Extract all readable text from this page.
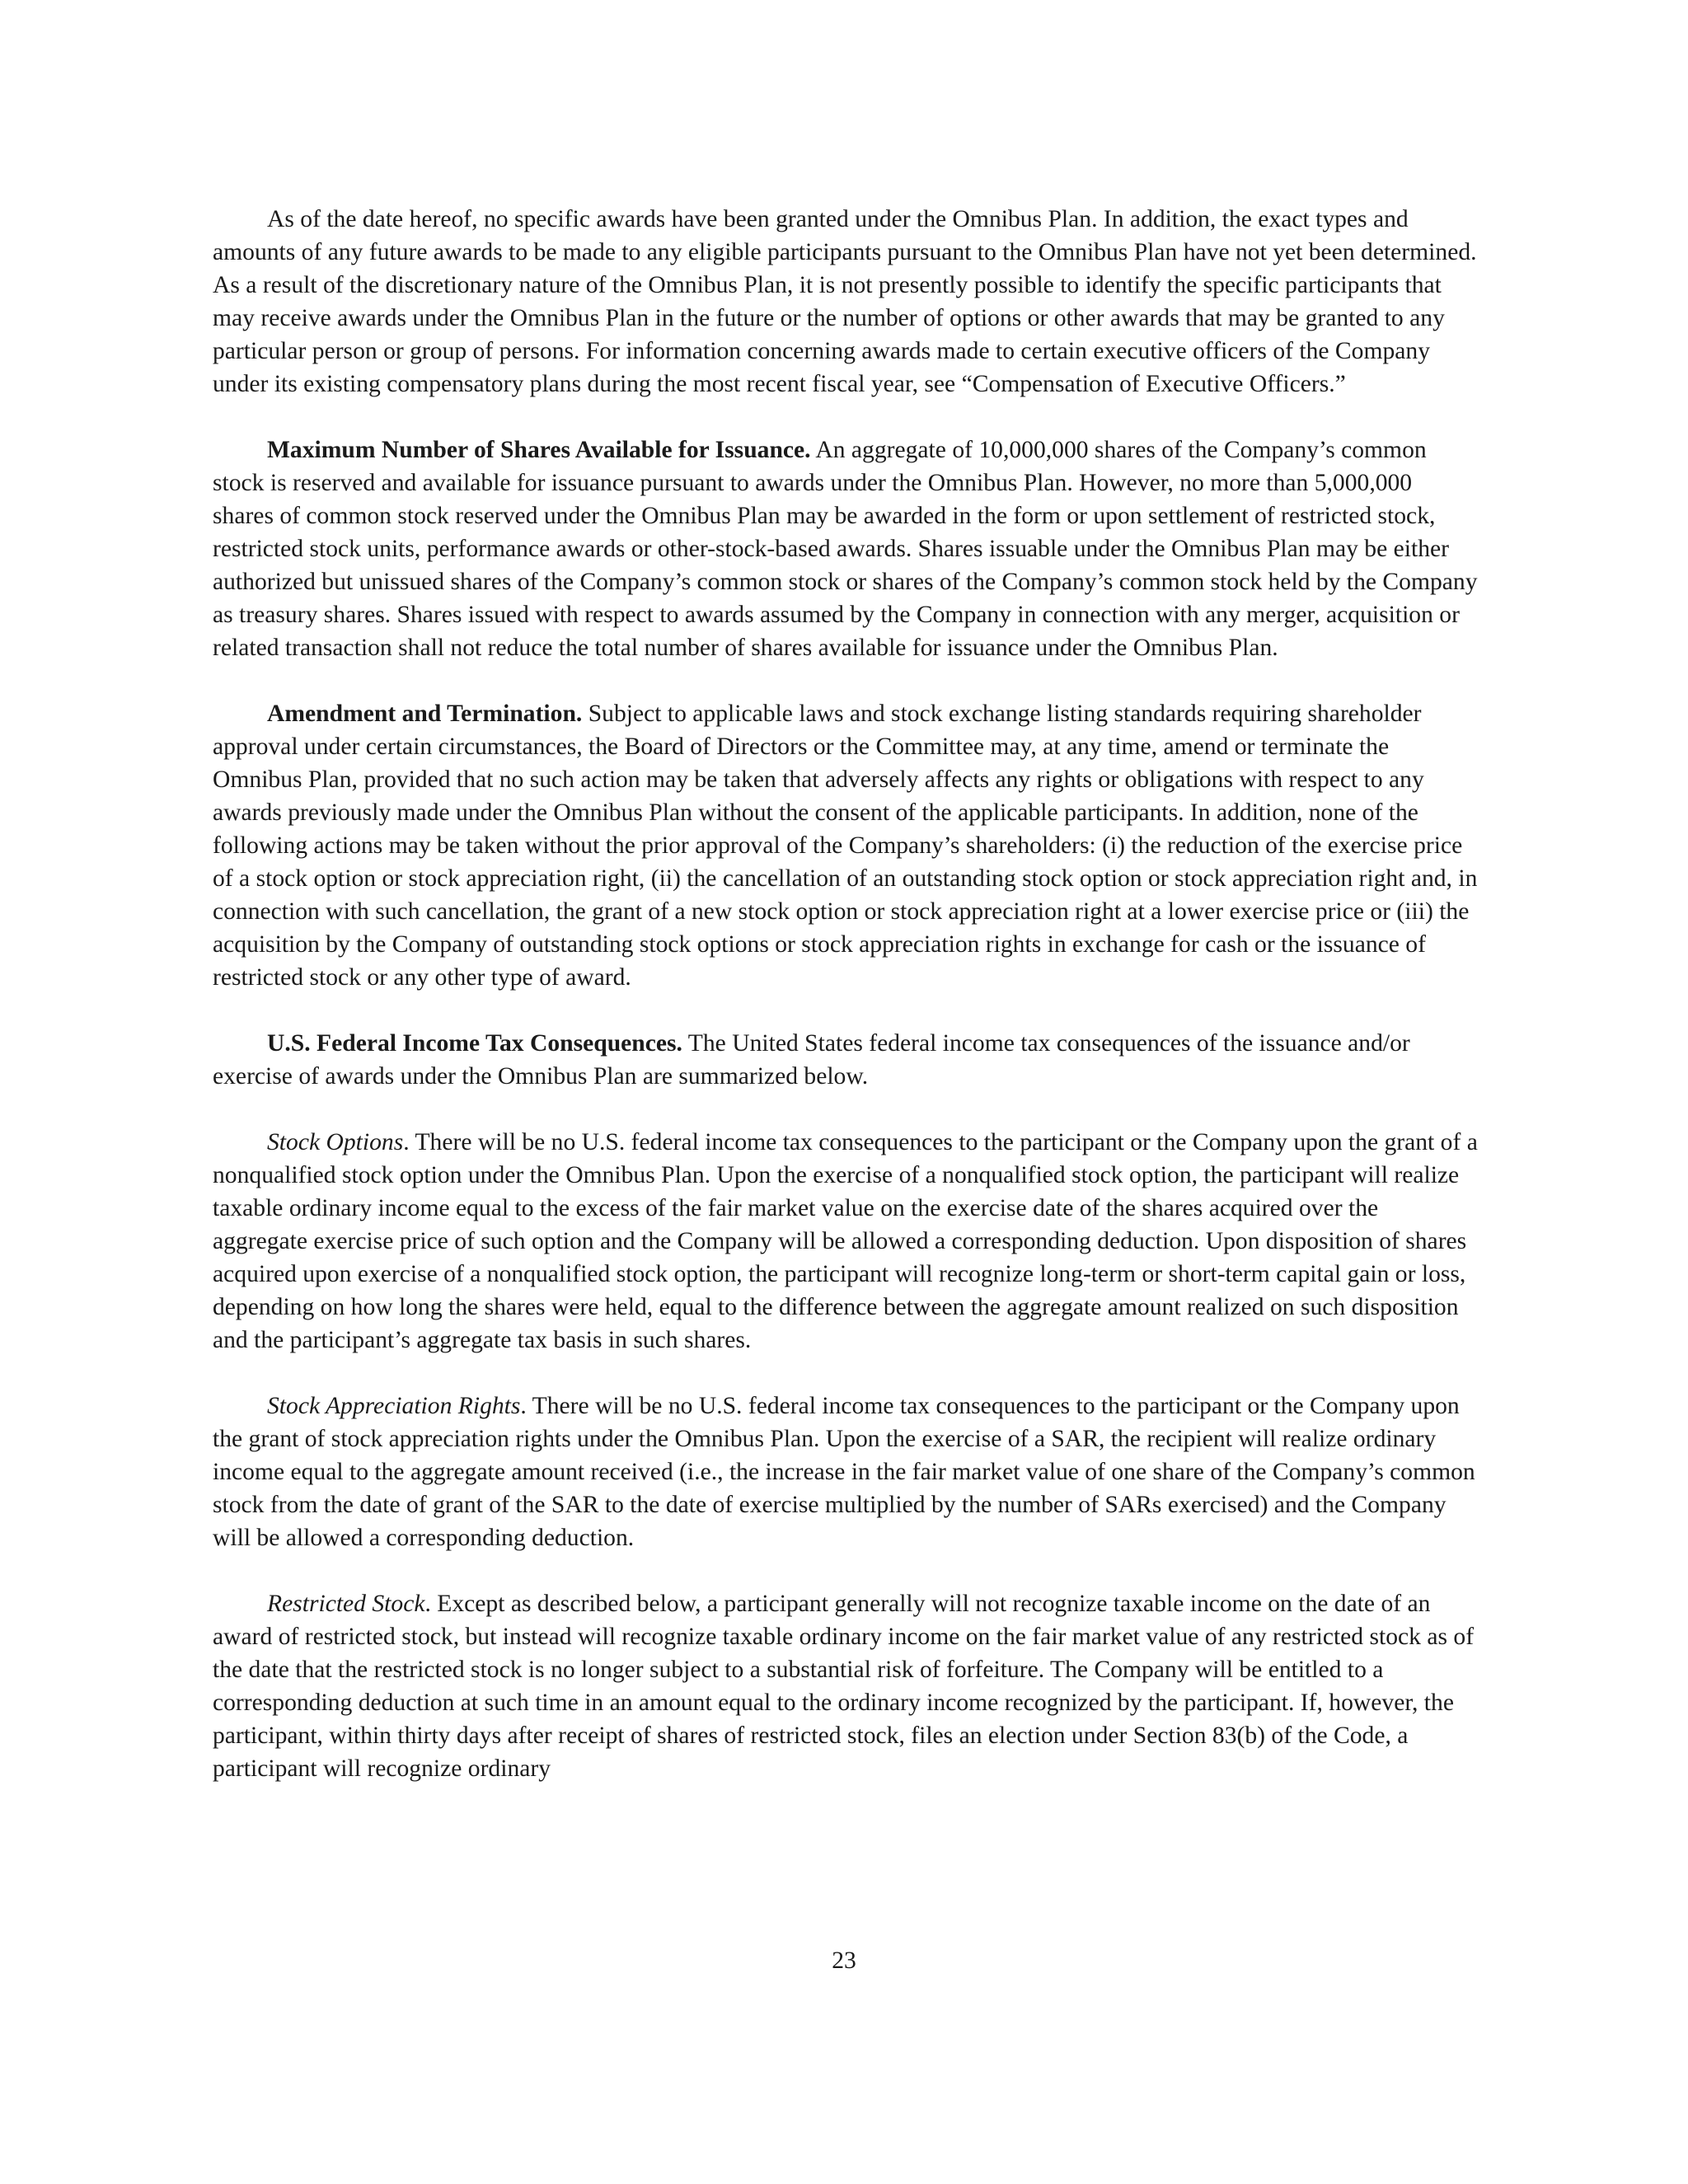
As of the date hereof, no specific awards have been granted under the Omnibus Plan. In addition, the exact types and amounts of any future awards to be made to any eligible participants pursuant to the Omnibus Plan have not yet been determined. As a result of the discretionary nature of the Omnibus Plan, it is not presently possible to identify the specific participants that may receive awards under the Omnibus Plan in the future or the number of options or other awards that may be granted to any particular person or group of persons. For information concerning awards made to certain executive officers of the Company under its existing compensatory plans during the most recent fiscal year, see “Compensation of Executive Officers.”

Maximum Number of Shares Available for Issuance. An aggregate of 10,000,000 shares of the Company’s common stock is reserved and available for issuance pursuant to awards under the Omnibus Plan. However, no more than 5,000,000 shares of common stock reserved under the Omnibus Plan may be awarded in the form or upon settlement of restricted stock, restricted stock units, performance awards or other-stock-based awards. Shares issuable under the Omnibus Plan may be either authorized but unissued shares of the Company’s common stock or shares of the Company’s common stock held by the Company as treasury shares. Shares issued with respect to awards assumed by the Company in connection with any merger, acquisition or related transaction shall not reduce the total number of shares available for issuance under the Omnibus Plan.

Amendment and Termination. Subject to applicable laws and stock exchange listing standards requiring shareholder approval under certain circumstances, the Board of Directors or the Committee may, at any time, amend or terminate the Omnibus Plan, provided that no such action may be taken that adversely affects any rights or obligations with respect to any awards previously made under the Omnibus Plan without the consent of the applicable participants. In addition, none of the following actions may be taken without the prior approval of the Company’s shareholders: (i) the reduction of the exercise price of a stock option or stock appreciation right, (ii) the cancellation of an outstanding stock option or stock appreciation right and, in connection with such cancellation, the grant of a new stock option or stock appreciation right at a lower exercise price or (iii) the acquisition by the Company of outstanding stock options or stock appreciation rights in exchange for cash or the issuance of restricted stock or any other type of award.

U.S. Federal Income Tax Consequences. The United States federal income tax consequences of the issuance and/or exercise of awards under the Omnibus Plan are summarized below.

Stock Options. There will be no U.S. federal income tax consequences to the participant or the Company upon the grant of a nonqualified stock option under the Omnibus Plan. Upon the exercise of a nonqualified stock option, the participant will realize taxable ordinary income equal to the excess of the fair market value on the exercise date of the shares acquired over the aggregate exercise price of such option and the Company will be allowed a corresponding deduction. Upon disposition of shares acquired upon exercise of a nonqualified stock option, the participant will recognize long-term or short-term capital gain or loss, depending on how long the shares were held, equal to the difference between the aggregate amount realized on such disposition and the participant’s aggregate tax basis in such shares.

Stock Appreciation Rights. There will be no U.S. federal income tax consequences to the participant or the Company upon the grant of stock appreciation rights under the Omnibus Plan. Upon the exercise of a SAR, the recipient will realize ordinary income equal to the aggregate amount received (i.e., the increase in the fair market value of one share of the Company’s common stock from the date of grant of the SAR to the date of exercise multiplied by the number of SARs exercised) and the Company will be allowed a corresponding deduction.

Restricted Stock. Except as described below, a participant generally will not recognize taxable income on the date of an award of restricted stock, but instead will recognize taxable ordinary income on the fair market value of any restricted stock as of the date that the restricted stock is no longer subject to a substantial risk of forfeiture. The Company will be entitled to a corresponding deduction at such time in an amount equal to the ordinary income recognized by the participant. If, however, the participant, within thirty days after receipt of shares of restricted stock, files an election under Section 83(b) of the Code, a participant will recognize ordinary

23
